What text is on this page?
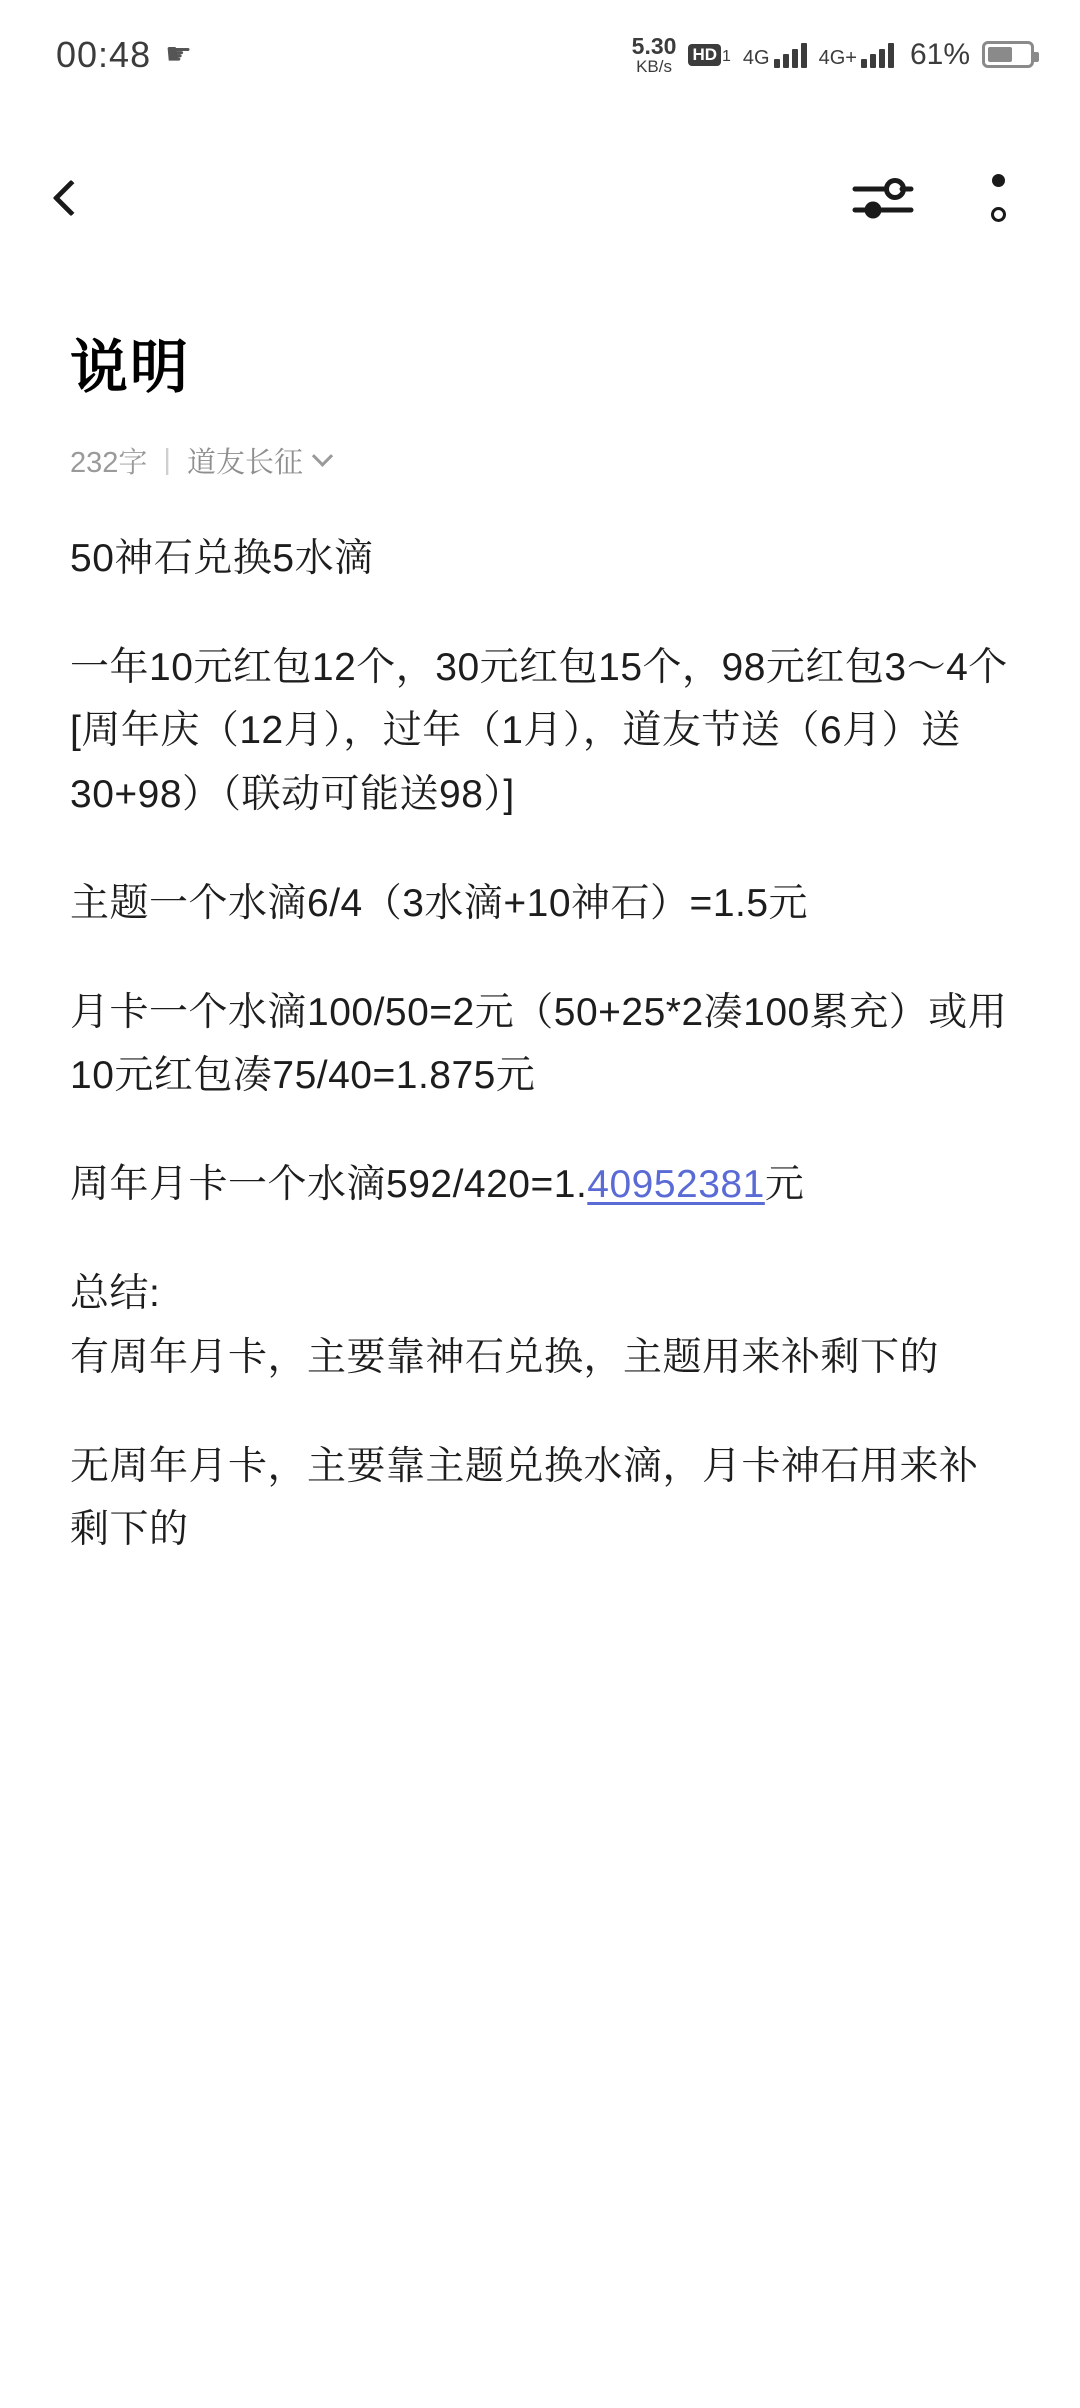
00:48 ☛	5.30
KB/s
HD 1 4G 4G+ 61%
说明
232字 | 道友长征

50神石兑换5水滴

一年10元红包12个，30元红包15个，98元红包3〜4个[周年庆（12月），过年（1月），道友节送（6月）送30+98）（联动可能送98）]

主题一个水滴6/4（3水滴+10神石）=1.5元

月卡一个水滴100/50=2元（50+25*2凑100累充）或用10元红包凑75/40=1.875元

周年月卡一个水滴592/420=1.40952381元

总结:

有周年月卡，主要靠神石兑换，主题用来补剩下的

无周年月卡，主要靠主题兑换水滴，月卡神石用来补剩下的
